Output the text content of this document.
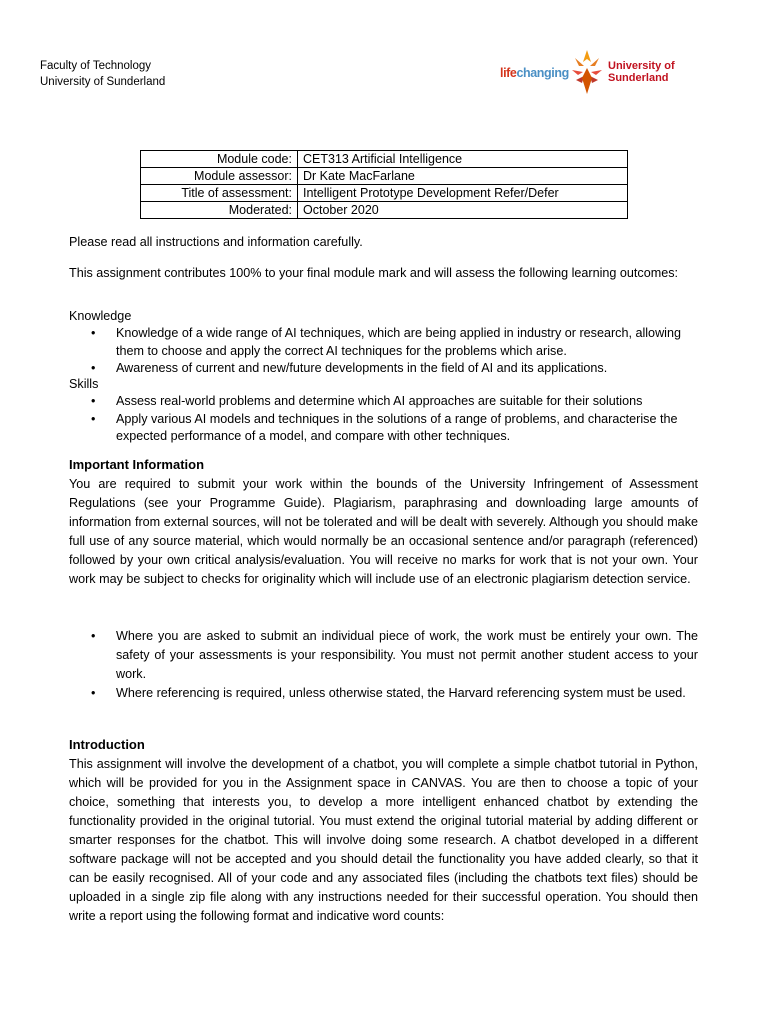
Faculty of Technology
University of Sunderland
lifechanging	University of
Sunderland
Module code:	CET313 Artificial Intelligence
Module assessor:	Dr Kate MacFarlane
Title of assessment:	Intelligent Prototype Development Refer/Defer
Moderated:	October 2020
Please read all instructions and information carefully.
This assignment contributes 100% to your final module mark and will assess the following learning outcomes:
Knowledge
• Knowledge of a wide range of AI techniques, which are being applied in industry or research, allowing them to choose and apply the correct AI techniques for the problems which arise.
• Awareness of current and new/future developments in the field of AI and its applications.
Skills
• Assess real-world problems and determine which AI approaches are suitable for their solutions
• Apply various AI models and techniques in the solutions of a range of problems, and characterise the expected performance of a model, and compare with other techniques.
Important Information
You are required to submit your work within the bounds of the University Infringement of Assessment Regulations (see your Programme Guide). Plagiarism, paraphrasing and downloading large amounts of information from external sources, will not be tolerated and will be dealt with severely. Although you should make full use of any source material, which would normally be an occasional sentence and/or paragraph (referenced) followed by your own critical analysis/evaluation. You will receive no marks for work that is not your own. Your work may be subject to checks for originality which will include use of an electronic plagiarism detection service.
• Where you are asked to submit an individual piece of work, the work must be entirely your own. The safety of your assessments is your responsibility. You must not permit another student access to your work.
• Where referencing is required, unless otherwise stated, the Harvard referencing system must be used.
Introduction
This assignment will involve the development of a chatbot, you will complete a simple chatbot tutorial in Python, which will be provided for you in the Assignment space in CANVAS. You are then to choose a topic of your choice, something that interests you, to develop a more intelligent enhanced chatbot by extending the functionality provided in the original tutorial. You must extend the original tutorial material by adding different or smarter responses for the chatbot. This will involve doing some research. A chatbot developed in a different software package will not be accepted and you should detail the functionality you have added clearly, so that it can be easily recognised. All of your code and any associated files (including the chatbots text files) should be uploaded in a single zip file along with any instructions needed for their successful operation. You should then write a report using the following format and indicative word counts:
